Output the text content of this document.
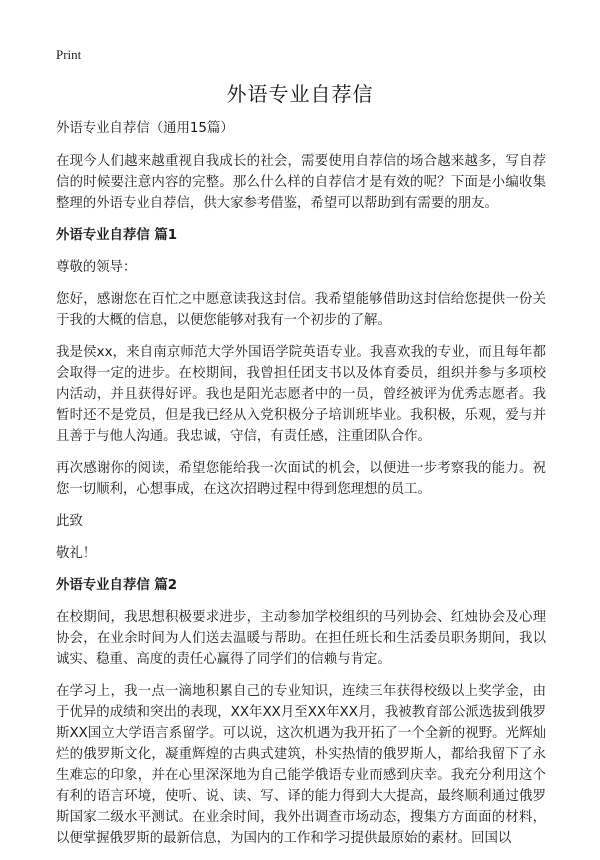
Print
外语专业自荐信

外语专业自荐信（通用15篇）

在现今人们越来越重视自我成长的社会，需要使用自荐信的场合越来越多，写自荐信的时候要注意内容的完整。那么什么样的自荐信才是有效的呢？下面是小编收集整理的外语专业自荐信，供大家参考借鉴，希望可以帮助到有需要的朋友。

外语专业自荐信 篇1

尊敬的领导：

您好，感谢您在百忙之中愿意读我这封信。我希望能够借助这封信给您提供一份关于我的大概的信息，以便您能够对我有一个初步的了解。

我是侯xx，来自南京师范大学外国语学院英语专业。我喜欢我的专业，而且每年都会取得一定的进步。在校期间，我曾担任团支书以及体育委员，组织并参与多项校内活动，并且获得好评。我也是阳光志愿者中的一员，曾经被评为优秀志愿者。我暂时还不是党员，但是我已经从入党积极分子培训班毕业。我积极，乐观，爱与并且善于与他人沟通。我忠诚，守信，有责任感，注重团队合作。

再次感谢你的阅读，希望您能给我一次面试的机会，以便进一步考察我的能力。祝您一切顺利，心想事成，在这次招聘过程中得到您理想的员工。

此致

敬礼！

外语专业自荐信 篇2

在校期间，我思想积极要求进步，主动参加学校组织的马列协会、红烛协会及心理协会，在业余时间为人们送去温暖与帮助。在担任班长和生活委员职务期间，我以诚实、稳重、高度的责任心赢得了同学们的信赖与肯定。

在学习上，我一点一滴地积累自己的专业知识，连续三年获得校级以上奖学金，由于优异的成绩和突出的表现，XX年XX月至XX年XX月，我被教育部公派选拔到俄罗斯XX国立大学语言系留学。可以说，这次机遇为我开拓了一个全新的视野。光辉灿烂的俄罗斯文化，凝重辉煌的古典式建筑，朴实热情的俄罗斯人，都给我留下了永生难忘的印象，并在心里深深地为自己能学俄语专业而感到庆幸。我充分利用这个有利的语言环境，使听、说、读、写、译的能力得到大大提高，最终顺利通过俄罗斯国家二级水平测试。在业余时间，我外出调查市场动态，搜集方方面面的材料，以便掌握俄罗斯的最新信息，为国内的工作和学习提供最原始的素材。回国以
